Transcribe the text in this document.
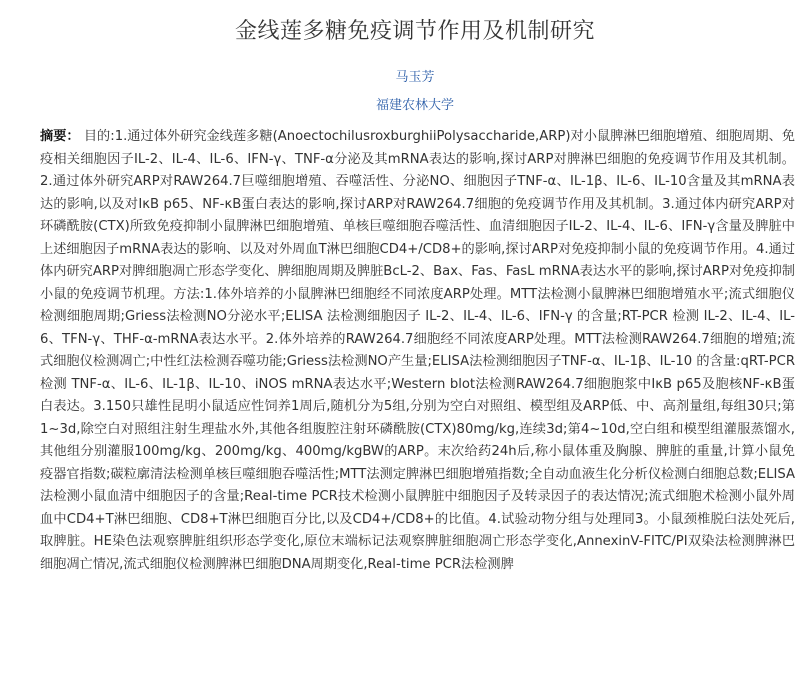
金线莲多糖免疫调节作用及机制研究
马玉芳
福建农林大学
摘要： 目的:1.通过体外研究金线莲多糖(AnoectochilusroxburghiiPolysaccharide,ARP)对小鼠脾淋巴细胞增殖、细胞周期、免疫相关细胞因子IL-2、IL-4、IL-6、IFN-γ、TNF-α分泌及其mRNA表达的影响,探讨ARP对脾淋巴细胞的免疫调节作用及其机制。2.通过体外研究ARP对RAW264.7巨噬细胞增殖、吞噬活性、分泌NO、细胞因子TNF-α、IL-1β、IL-6、IL-10含量及其mRNA表达的影响,以及对IκB p65、NF-κB蛋白表达的影响,探讨ARP对RAW264.7细胞的免疫调节作用及其机制。3.通过体内研究ARP对环磷酰胺(CTX)所致免疫抑制小鼠脾淋巴细胞增殖、单核巨噬细胞吞噬活性、血清细胞因子IL-2、IL-4、IL-6、IFN-γ含量及脾脏中上述细胞因子mRNA表达的影响、以及对外周血T淋巴细胞CD4+/CD8+的影响,探讨ARP对免疫抑制小鼠的免疫调节作用。4.通过体内研究ARP对脾细胞凋亡形态学变化、脾细胞周期及脾脏BcL-2、Bax、Fas、FasL mRNA表达水平的影响,探讨ARP对免疫抑制小鼠的免疫调节机理。方法:1.体外培养的小鼠脾淋巴细胞经不同浓度ARP处理。MTT法检测小鼠脾淋巴细胞增殖水平;流式细胞仪检测细胞周期;Griess法检测NO分泌水平;ELISA 法检测细胞因子 IL-2、IL-4、IL-6、IFN-γ 的含量;RT-PCR 检测 IL-2、IL-4、IL-6、TFN-γ、THF-α-mRNA表达水平。2.体外培养的RAW264.7细胞经不同浓度ARP处理。MTT法检测RAW264.7细胞的增殖;流式细胞仪检测凋亡;中性红法检测吞噬功能;Griess法检测NO产生量;ELISA法检测细胞因子TNF-α、IL-1β、IL-10 的含量:qRT-PCR 检测 TNF-α、IL-6、IL-1β、IL-10、iNOS mRNA表达水平;Western blot法检测RAW264.7细胞胞浆中IκB p65及胞核NF-κB蛋白表达。3.150只雄性昆明小鼠适应性饲养1周后,随机分为5组,分别为空白对照组、模型组及ARP低、中、高剂量组,每组30只;第1~3d,除空白对照组注射生理盐水外,其他各组腹腔注射环磷酰胺(CTX)80mg/kg,连续3d;第4~10d,空白组和模型组灌服蒸馏水,其他组分别灌服100mg/kg、200mg/kg、400mg/kgBW的ARP。末次给药24h后,称小鼠体重及胸腺、脾脏的重量,计算小鼠免疫器官指数;碳粒廓清法检测单核巨噬细胞吞噬活性;MTT法测定脾淋巴细胞增殖指数;全自动血液生化分析仪检测白细胞总数;ELISA法检测小鼠血清中细胞因子的含量;Real-time PCR技术检测小鼠脾脏中细胞因子及转录因子的表达情况;流式细胞术检测小鼠外周血中CD4+T淋巴细胞、CD8+T淋巴细胞百分比,以及CD4+/CD8+的比值。4.试验动物分组与处理同3。小鼠颈椎脱臼法处死后,取脾脏。HE染色法观察脾脏组织形态学变化,原位末端标记法观察脾脏细胞凋亡形态学变化,AnnexinV-FITC/PI双染法检测脾淋巴细胞凋亡情况,流式细胞仪检测脾淋巴细胞DNA周期变化,Real-time PCR法检测脾
